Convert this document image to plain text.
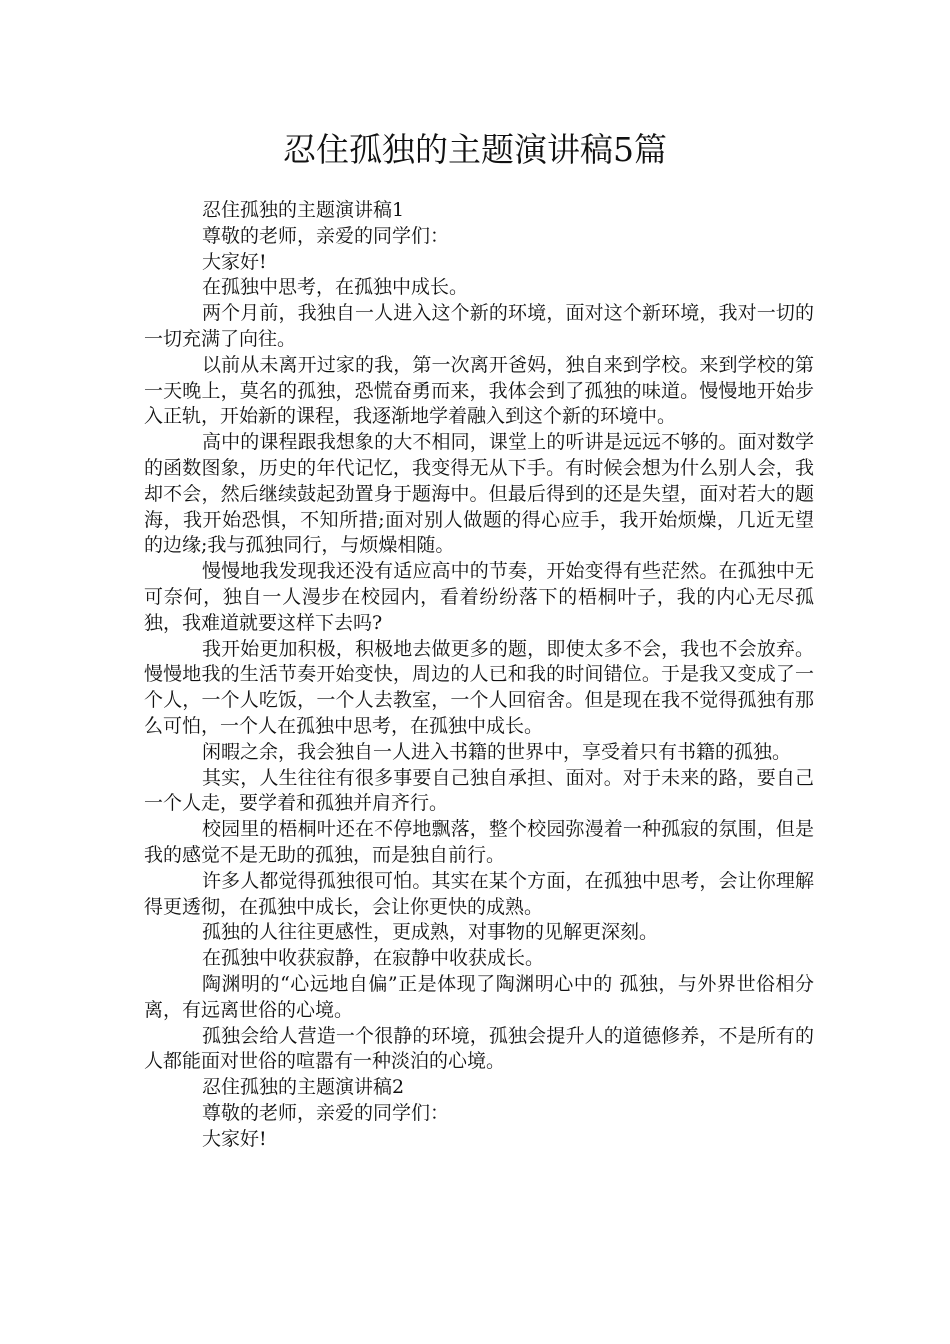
忍住孤独的主题演讲稿5篇

忍住孤独的主题演讲稿1

尊敬的老师，亲爱的同学们：

大家好!

在孤独中思考，在孤独中成长。

两个月前，我独自一人进入这个新的环境，面对这个新环境，我对一切的一切充满了向往。

以前从未离开过家的我，第一次离开爸妈，独自来到学校。来到学校的第一天晚上，莫名的孤独，恐慌奋勇而来，我体会到了孤独的味道。慢慢地开始步入正轨，开始新的课程，我逐渐地学着融入到这个新的环境中。

高中的课程跟我想象的大不相同，课堂上的听讲是远远不够的。面对数学的函数图象，历史的年代记忆，我变得无从下手。有时候会想为什么别人会，我却不会，然后继续鼓起劲置身于题海中。但最后得到的还是失望，面对若大的题海，我开始恐惧，不知所措;面对别人做题的得心应手，我开始烦燥，几近无望的边缘;我与孤独同行，与烦燥相随。

慢慢地我发现我还没有适应高中的节奏，开始变得有些茫然。在孤独中无可奈何，独自一人漫步在校园内，看着纷纷落下的梧桐叶子，我的内心无尽孤独，我难道就要这样下去吗?

我开始更加积极，积极地去做更多的题，即使太多不会，我也不会放弃。慢慢地我的生活节奏开始变快，周边的人已和我的时间错位。于是我又变成了一个人，一个人吃饭，一个人去教室，一个人回宿舍。但是现在我不觉得孤独有那么可怕，一个人在孤独中思考，在孤独中成长。

闲暇之余，我会独自一人进入书籍的世界中，享受着只有书籍的孤独。

其实，人生往往有很多事要自己独自承担、面对。对于未来的路，要自己一个人走，要学着和孤独并肩齐行。

校园里的梧桐叶还在不停地飘落，整个校园弥漫着一种孤寂的氛围，但是我的感觉不是无助的孤独，而是独自前行。

许多人都觉得孤独很可怕。其实在某个方面，在孤独中思考，会让你理解得更透彻，在孤独中成长，会让你更快的成熟。

孤独的人往往更感性，更成熟，对事物的见解更深刻。

在孤独中收获寂静，在寂静中收获成长。

陶渊明的“心远地自偏”正是体现了陶渊明心中的 孤独，与外界世俗相分离，有远离世俗的心境。

孤独会给人营造一个很静的环境，孤独会提升人的道德修养，不是所有的人都能面对世俗的喧嚣有一种淡泊的心境。

忍住孤独的主题演讲稿2

尊敬的老师，亲爱的同学们：

大家好!
